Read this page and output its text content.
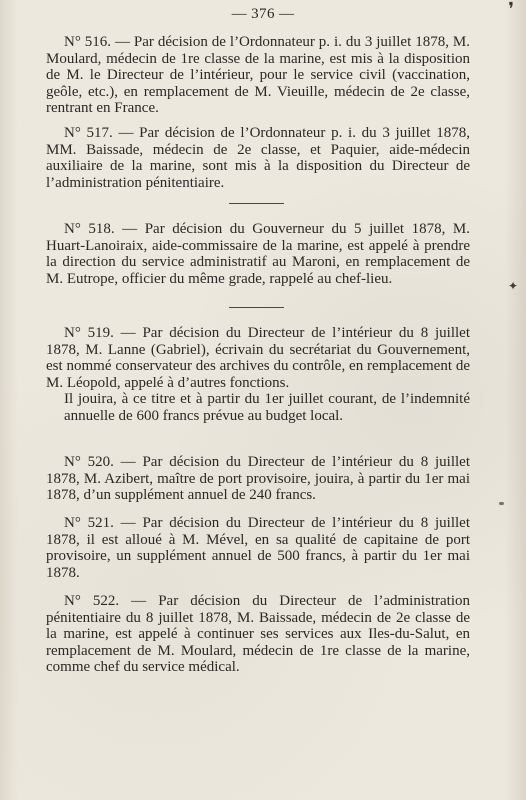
— 376 —	❜

N° 516. — Par décision de l’Ordonnateur p. i. du 3 juillet 1878, M. Moulard, médecin de 1re classe de la marine, est mis à la disposition de M. le Directeur de l’intérieur, pour le service civil (vaccination, geôle, etc.), en remplacement de M. Vieuille, médecin de 2e classe, rentrant en France.

N° 517. — Par décision de l’Ordonnateur p. i. du 3 juillet 1878, MM. Baissade, médecin de 2e classe, et Paquier, aide-médecin auxiliaire de la marine, sont mis à la disposition du Directeur de l’administration pénitentiaire.

N° 518. — Par décision du Gouverneur du 5 juillet 1878, M. Huart-Lanoiraix, aide-commissaire de la marine, est appelé à prendre la direction du service administratif au Maroni, en remplacement de M. Eutrope, officier du même grade, rappelé au chef-lieu.	✦

N° 519. — Par décision du Directeur de l’intérieur du 8 juillet 1878, M. Lanne (Gabriel), écrivain du secrétariat du Gouvernement, est nommé conservateur des archives du contrôle, en remplacement de M. Léopold, appelé à d’autres fonctions.

Il jouira, à ce titre et à partir du 1er juillet courant, de l’indemnité annuelle de 600 francs prévue au budget local.

N° 520. — Par décision du Directeur de l’intérieur du 8 juillet 1878, M. Azibert, maître de port provisoire, jouira, à partir du 1er mai 1878, d’un supplément annuel de 240 francs.

N° 521. — Par décision du Directeur de l’intérieur du 8 juillet 1878, il est alloué à M. Mével, en sa qualité de capitaine de port provisoire, un supplément annuel de 500 francs, à partir du 1er mai 1878.

N° 522. — Par décision du Directeur de l’administration pénitentiaire du 8 juillet 1878, M. Baissade, médecin de 2e classe de la marine, est appelé à continuer ses services aux Iles-du-Salut, en remplacement de M. Moulard, médecin de 1re classe de la marine, comme chef du service médical.
